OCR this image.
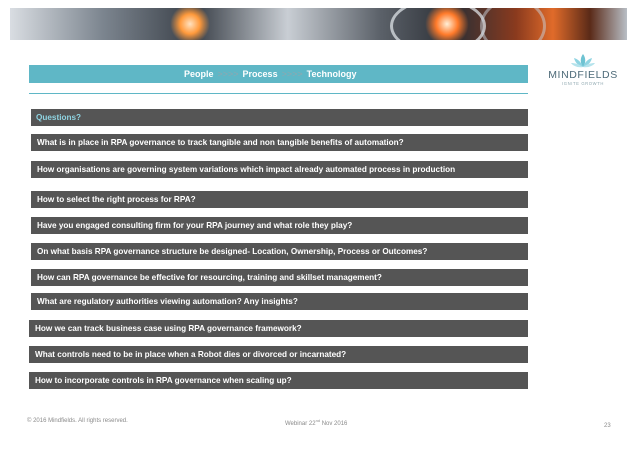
People >>>> Process >>>> Technology	MINDFIELDS
IGNITE GROWTH
Questions?
What is in place in RPA governance to track tangible and non tangible benefits of automation?
How organisations are governing system variations which impact already automated process in production
How to select the right process for RPA?
Have you engaged consulting firm for your RPA journey and what role they play?
On what basis RPA governance structure be designed- Location, Ownership, Process or Outcomes?
How can RPA governance be effective for resourcing, training and skillset management?
What are regulatory authorities viewing automation? Any insights?
How we can track business case using RPA governance framework?
What controls need to be in place when a Robot dies or divorced or incarnated?
How to incorporate controls in RPA governance when scaling up?
© 2016 Mindfields. All rights reserved.	Webinar 22nd Nov 2016	23
